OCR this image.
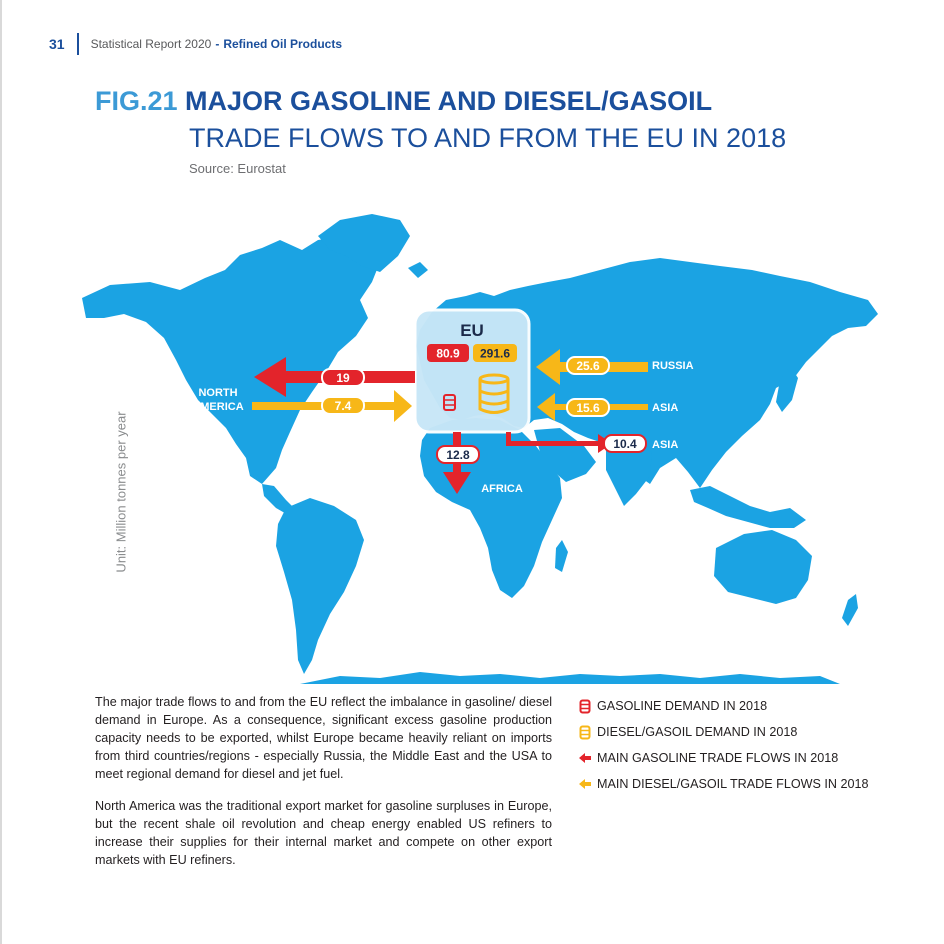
31 Statistical Report 2020 - Refined Oil Products
FIG.21 MAJOR GASOLINE AND DIESEL/GASOIL
TRADE FLOWS TO AND FROM THE EU IN 2018
Source: Eurostat
Unit: Million tonnes per year
EU
80.9 291.6
19
7.4
25.6
15.6
12.8
10.4
NORTH
AMERICA
AFRICA
RUSSIA
ASIA
ASIA

The major trade flows to and from the EU reflect the imbalance in gasoline/ diesel demand in Europe. As a consequence, significant excess gasoline production capacity needs to be exported, whilst Europe became heavily reliant on imports from third countries/regions - especially Russia, the Middle East and the USA to meet regional demand for diesel and jet fuel.

North America was the traditional export market for gasoline surpluses in Europe, but the recent shale oil revolution and cheap energy enabled US refiners to increase their supplies for their internal market and compete on other export markets with EU refiners.

GASOLINE DEMAND IN 2018
DIESEL/GASOIL DEMAND IN 2018
MAIN GASOLINE TRADE FLOWS IN 2018
MAIN DIESEL/GASOIL TRADE FLOWS IN 2018
